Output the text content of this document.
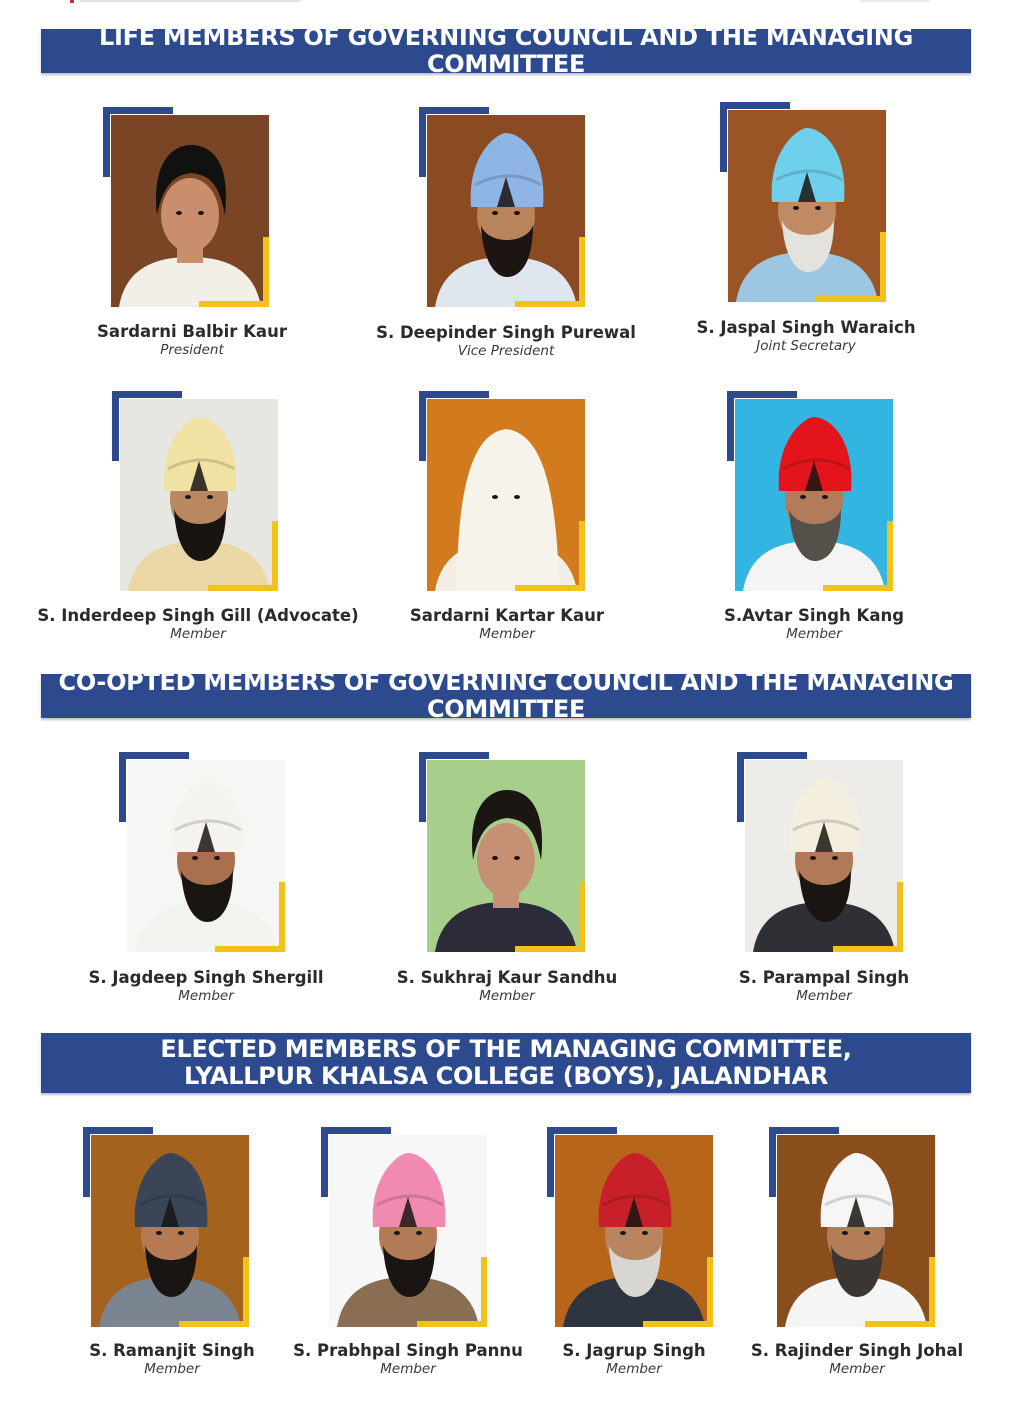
LIFE MEMBERS OF GOVERNING COUNCIL AND THE MANAGING COMMITTEE
CO-OPTED MEMBERS OF GOVERNING COUNCIL AND THE MANAGING COMMITTEE
ELECTED MEMBERS OF THE MANAGING COMMITTEE,
LYALLPUR KHALSA COLLEGE (BOYS), JALANDHAR
Sardarni Balbir Kaur
President
S. Deepinder Singh Purewal
Vice President
S. Jaspal Singh Waraich
Joint Secretary
S. Inderdeep Singh Gill (Advocate)
Member
Sardarni Kartar Kaur
Member
S.Avtar Singh Kang
Member
S. Jagdeep Singh Shergill
Member
S. Sukhraj Kaur Sandhu
Member
S. Parampal Singh
Member
S. Ramanjit Singh
Member
S. Prabhpal Singh Pannu
Member
S. Jagrup Singh
Member
S. Rajinder Singh Johal
Member
